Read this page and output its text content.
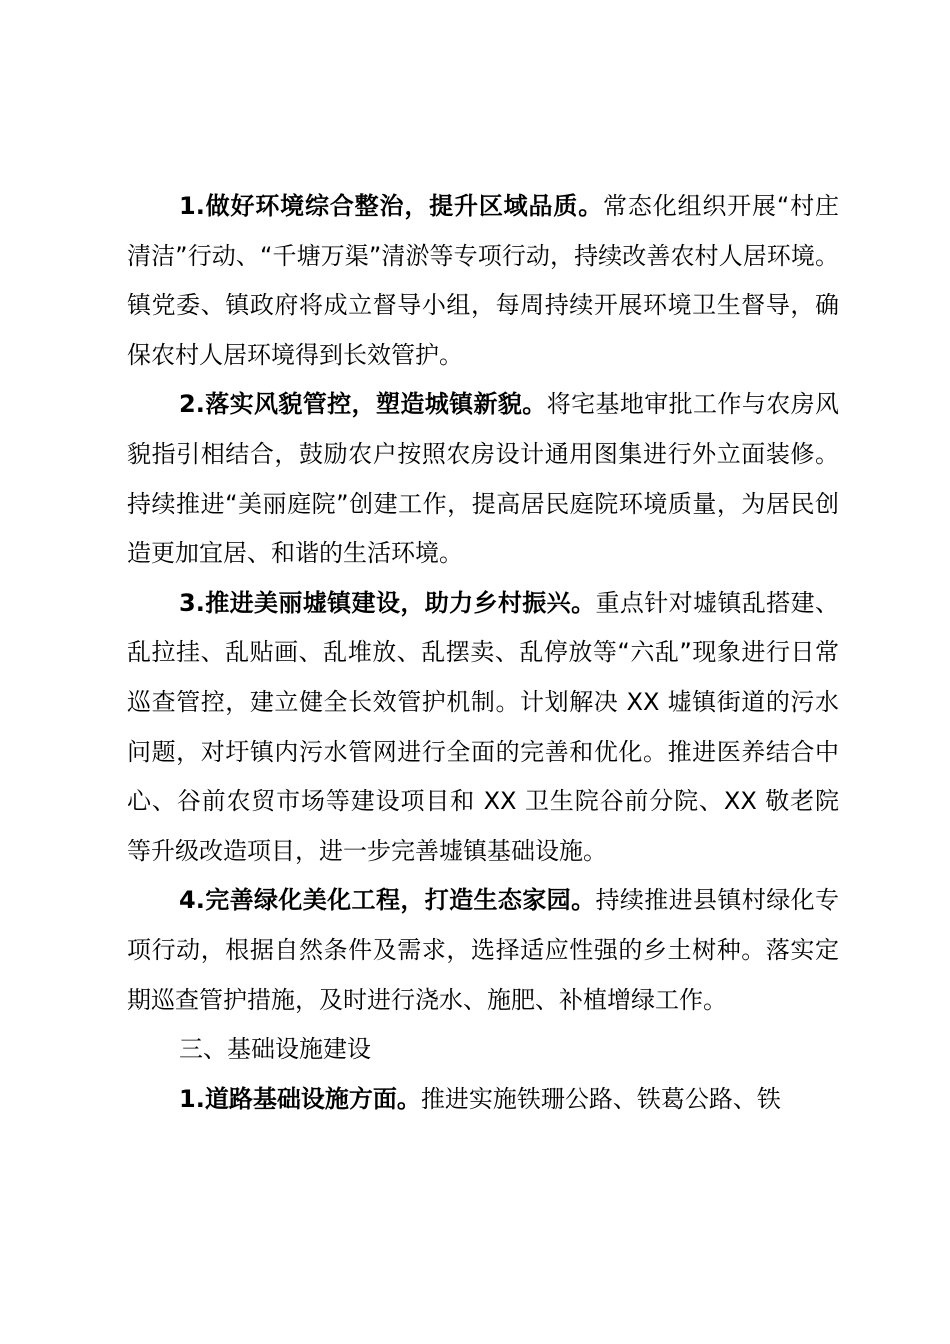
1.做好环境综合整治，提升区域品质。常态化组织开展“村庄清洁”行动、“千塘万渠”清淤等专项行动，持续改善农村人居环境。镇党委、镇政府将成立督导小组，每周持续开展环境卫生督导，确保农村人居环境得到长效管护。

2.落实风貌管控，塑造城镇新貌。将宅基地审批工作与农房风貌指引相结合，鼓励农户按照农房设计通用图集进行外立面装修。持续推进“美丽庭院”创建工作，提高居民庭院环境质量，为居民创造更加宜居、和谐的生活环境。

3.推进美丽墟镇建设，助力乡村振兴。重点针对墟镇乱搭建、乱拉挂、乱贴画、乱堆放、乱摆卖、乱停放等“六乱”现象进行日常巡查管控，建立健全长效管护机制。计划解决 XX 墟镇街道的污水问题，对圩镇内污水管网进行全面的完善和优化。推进医养结合中心、谷前农贸市场等建设项目和 XX 卫生院谷前分院、XX 敬老院等升级改造项目，进一步完善墟镇基础设施。

4.完善绿化美化工程，打造生态家园。持续推进县镇村绿化专项行动，根据自然条件及需求，选择适应性强的乡土树种。落实定期巡查管护措施，及时进行浇水、施肥、补植增绿工作。

三、基础设施建设

1.道路基础设施方面。推进实施铁珊公路、铁葛公路、铁
